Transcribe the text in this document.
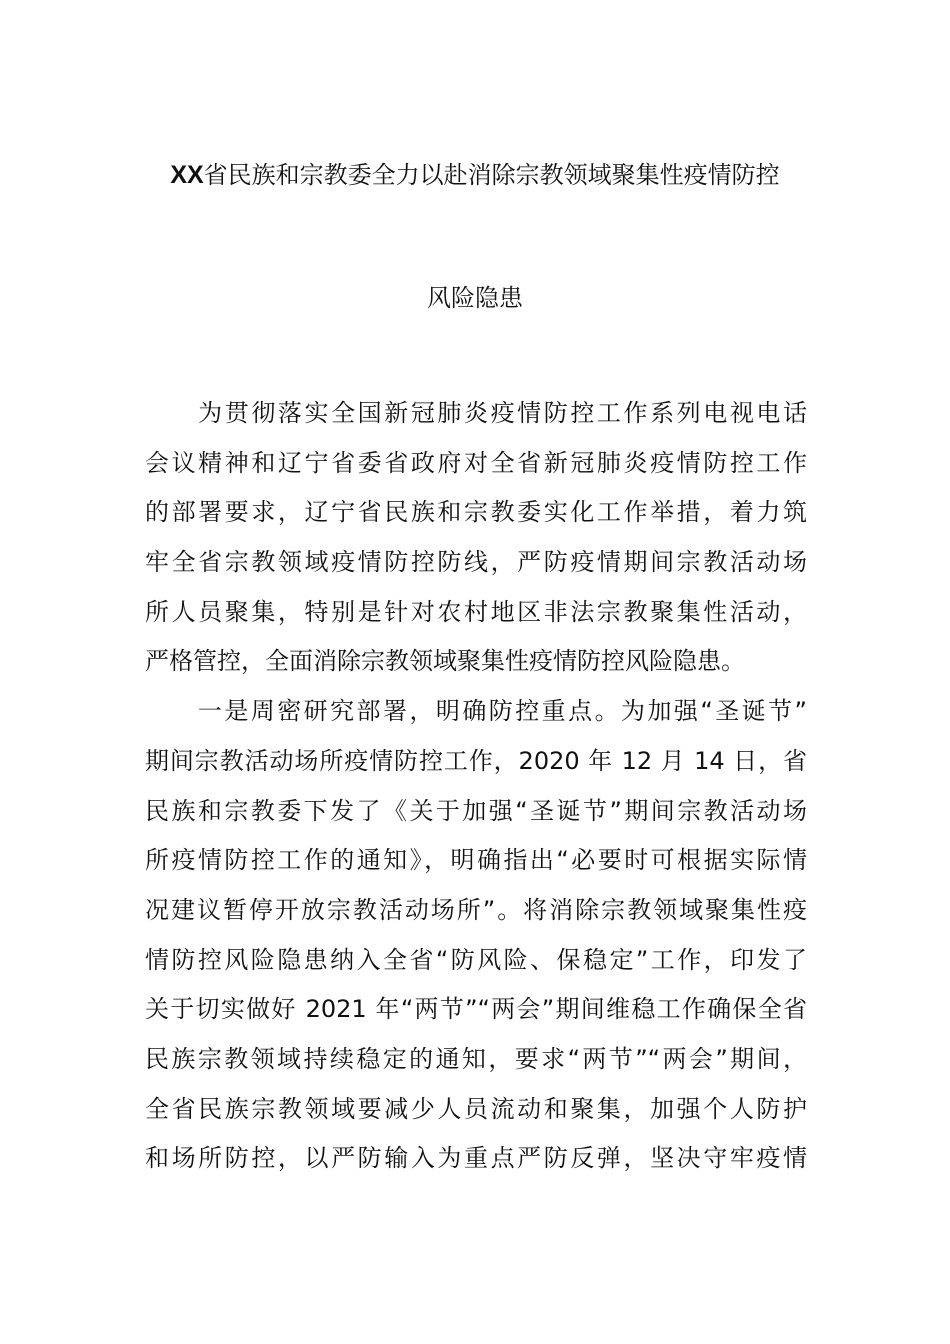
XX省民族和宗教委全力以赴消除宗教领域聚集性疫情防控
风险隐患
　　为贯彻落实全国新冠肺炎疫情防控工作系列电视电话
会议精神和辽宁省委省政府对全省新冠肺炎疫情防控工作
的部署要求，辽宁省民族和宗教委实化工作举措，着力筑
牢全省宗教领域疫情防控防线，严防疫情期间宗教活动场
所人员聚集，特别是针对农村地区非法宗教聚集性活动，
严格管控，全面消除宗教领域聚集性疫情防控风险隐患。
　　一是周密研究部署，明确防控重点。为加强“圣诞节”
期间宗教活动场所疫情防控工作，2020 年 12 月 14 日，省
民族和宗教委下发了《关于加强“圣诞节”期间宗教活动场
所疫情防控工作的通知》，明确指出“必要时可根据实际情
况建议暂停开放宗教活动场所”。将消除宗教领域聚集性疫
情防控风险隐患纳入全省“防风险、保稳定”工作，印发了
关于切实做好 2021 年“两节”“两会”期间维稳工作确保全省
民族宗教领域持续稳定的通知，要求“两节”“两会”期间，
全省民族宗教领域要减少人员流动和聚集，加强个人防护
和场所防控，以严防输入为重点严防反弹，坚决守牢疫情
